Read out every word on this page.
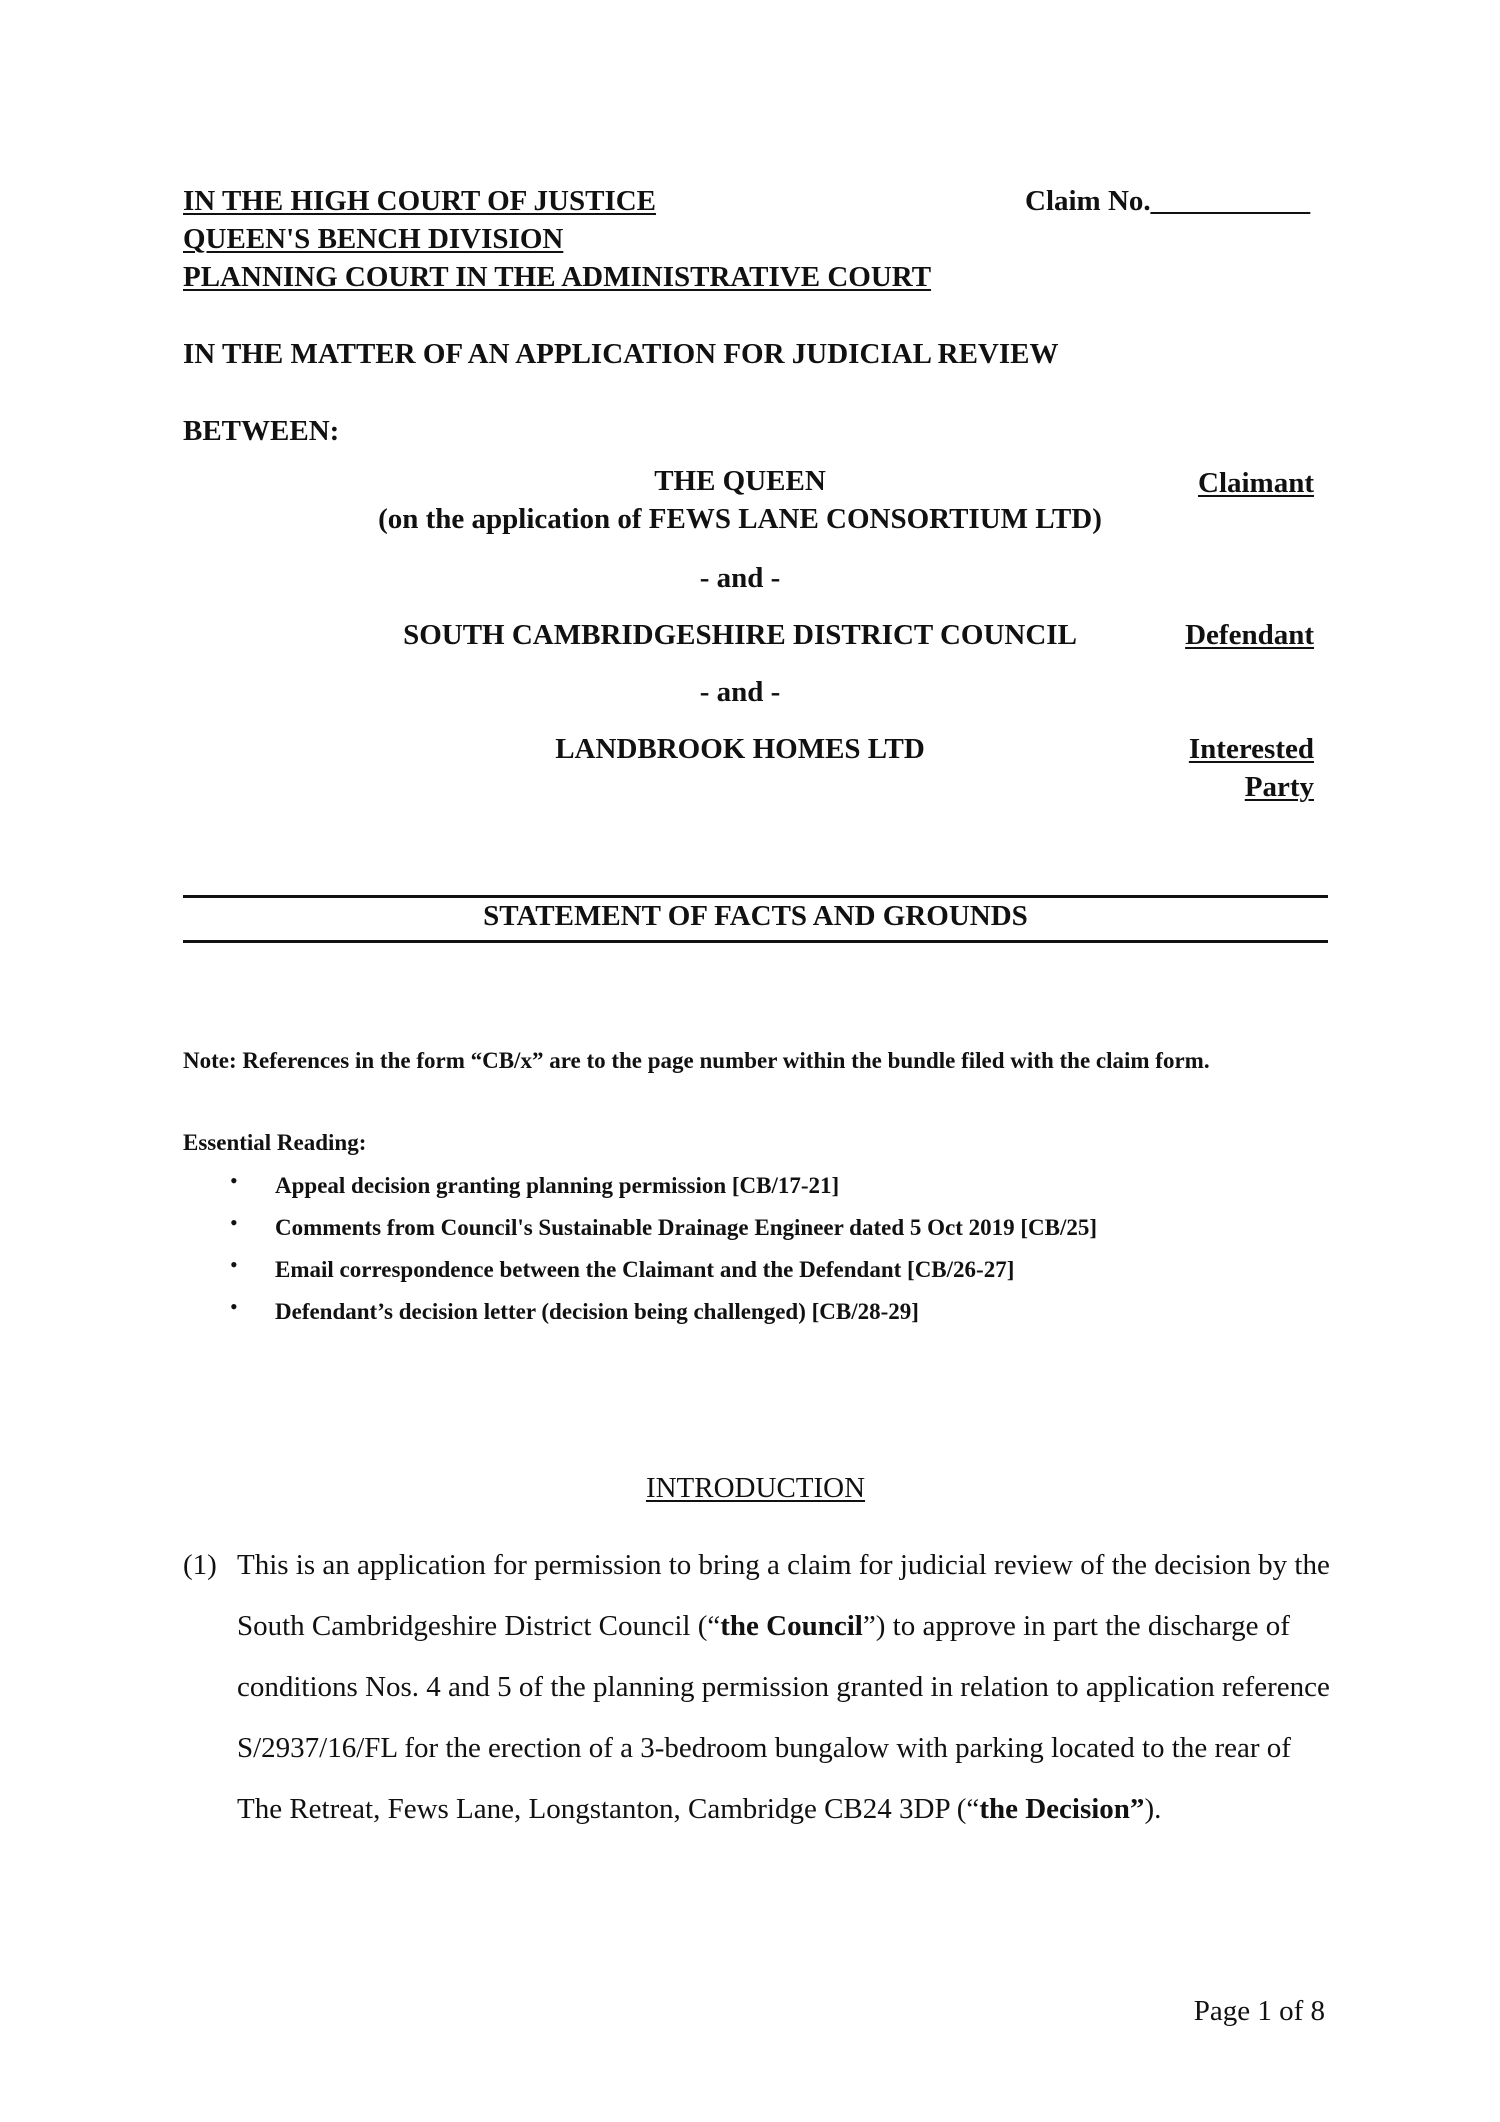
IN THE HIGH COURT OF JUSTICE
QUEEN'S BENCH DIVISION
PLANNING COURT IN THE ADMINISTRATIVE COURT
Claim No.___________
IN THE MATTER OF AN APPLICATION FOR JUDICIAL REVIEW
BETWEEN:
THE QUEEN
(on the application of FEWS LANE CONSORTIUM LTD)
Claimant
- and -
SOUTH CAMBRIDGESHIRE DISTRICT COUNCIL	Defendant
- and -
LANDBROOK HOMES LTD	Interested
Party
STATEMENT OF FACTS AND GROUNDS
Note: References in the form “CB/x” are to the page number within the bundle filed with the claim form.
Essential Reading:
• Appeal decision granting planning permission [CB/17-21]
• Comments from Council's Sustainable Drainage Engineer dated 5 Oct 2019 [CB/25]
• Email correspondence between the Claimant and the Defendant [CB/26-27]
• Defendant’s decision letter (decision being challenged) [CB/28-29]
INTRODUCTION
(1) This is an application for permission to bring a claim for judicial review of the decision by the South Cambridgeshire District Council (“the Council”) to approve in part the discharge of conditions Nos. 4 and 5 of the planning permission granted in relation to application reference S/2937/16/FL for the erection of a 3-bedroom bungalow with parking located to the rear of The Retreat, Fews Lane, Longstanton, Cambridge CB24 3DP (“the Decision”).
Page 1 of 8
